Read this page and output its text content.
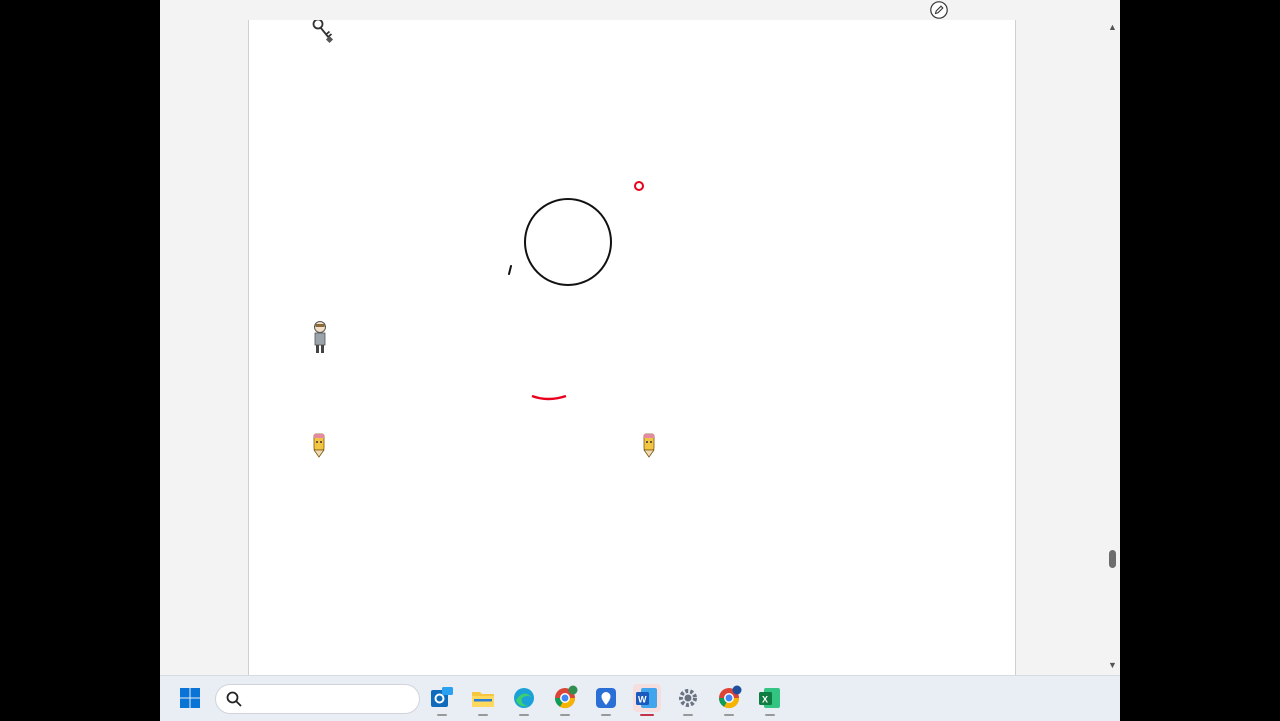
▲
▼
W	X
